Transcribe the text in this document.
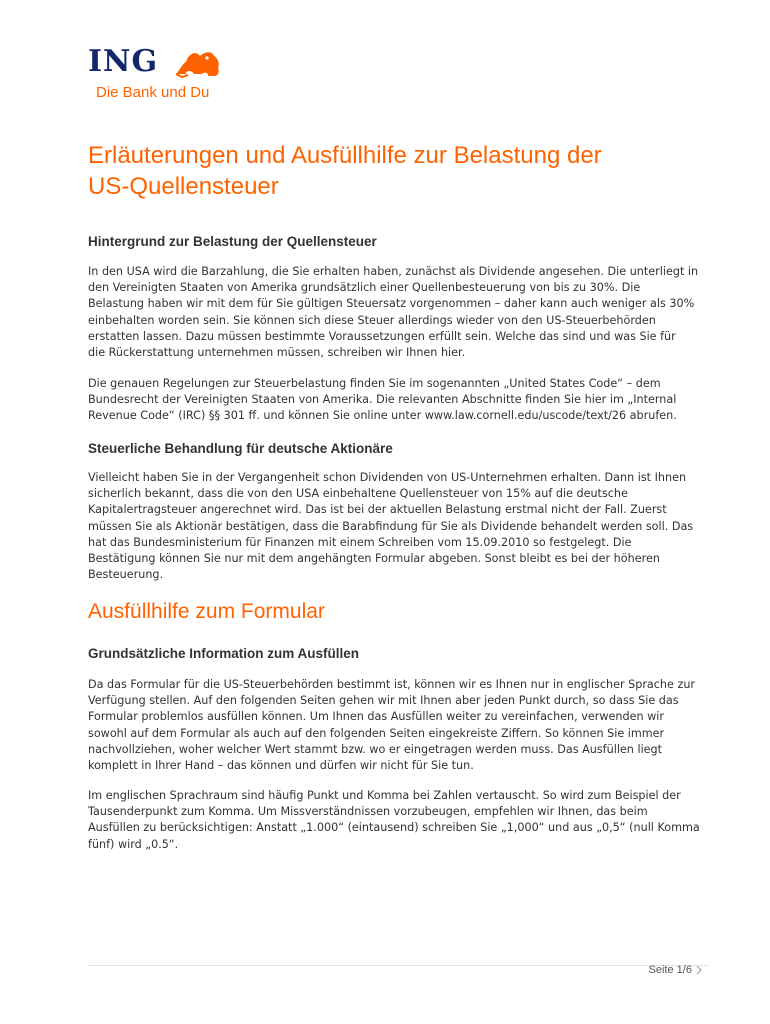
ING
Die Bank und Du
Erläuterungen und Ausfüllhilfe zur Belastung der
US-Quellensteuer
Hintergrund zur Belastung der Quellensteuer
In den USA wird die Barzahlung, die Sie erhalten haben, zunächst als Dividende angesehen. Die unterliegt in
den Vereinigten Staaten von Amerika grundsätzlich einer Quellenbesteuerung von bis zu 30%. Die
Belastung haben wir mit dem für Sie gültigen Steuersatz vorgenommen – daher kann auch weniger als 30%
einbehalten worden sein. Sie können sich diese Steuer allerdings wieder von den US-Steuerbehörden
erstatten lassen. Dazu müssen bestimmte Voraussetzungen erfüllt sein. Welche das sind und was Sie für
die Rückerstattung unternehmen müssen, schreiben wir Ihnen hier.
Die genauen Regelungen zur Steuerbelastung finden Sie im sogenannten „United States Code“ – dem
Bundesrecht der Vereinigten Staaten von Amerika. Die relevanten Abschnitte finden Sie hier im „Internal
Revenue Code“ (IRC) §§ 301 ff. und können Sie online unter www.law.cornell.edu/uscode/text/26 abrufen.
Steuerliche Behandlung für deutsche Aktionäre
Vielleicht haben Sie in der Vergangenheit schon Dividenden von US-Unternehmen erhalten. Dann ist Ihnen
sicherlich bekannt, dass die von den USA einbehaltene Quellensteuer von 15% auf die deutsche
Kapitalertragsteuer angerechnet wird. Das ist bei der aktuellen Belastung erstmal nicht der Fall. Zuerst
müssen Sie als Aktionär bestätigen, dass die Barabfindung für Sie als Dividende behandelt werden soll. Das
hat das Bundesministerium für Finanzen mit einem Schreiben vom 15.09.2010 so festgelegt. Die
Bestätigung können Sie nur mit dem angehängten Formular abgeben. Sonst bleibt es bei der höheren
Besteuerung.
Ausfüllhilfe zum Formular
Grundsätzliche Information zum Ausfüllen
Da das Formular für die US-Steuerbehörden bestimmt ist, können wir es Ihnen nur in englischer Sprache zur
Verfügung stellen. Auf den folgenden Seiten gehen wir mit Ihnen aber jeden Punkt durch, so dass Sie das
Formular problemlos ausfüllen können. Um Ihnen das Ausfüllen weiter zu vereinfachen, verwenden wir
sowohl auf dem Formular als auch auf den folgenden Seiten eingekreiste Ziffern. So können Sie immer
nachvollziehen, woher welcher Wert stammt bzw. wo er eingetragen werden muss. Das Ausfüllen liegt
komplett in Ihrer Hand – das können und dürfen wir nicht für Sie tun.
Im englischen Sprachraum sind häufig Punkt und Komma bei Zahlen vertauscht. So wird zum Beispiel der
Tausenderpunkt zum Komma. Um Missverständnissen vorzubeugen, empfehlen wir Ihnen, das beim
Ausfüllen zu berücksichtigen: Anstatt „1.000“ (eintausend) schreiben Sie „1,000“ und aus „0,5“ (null Komma
fünf) wird „0.5“.
Seite 1/6
